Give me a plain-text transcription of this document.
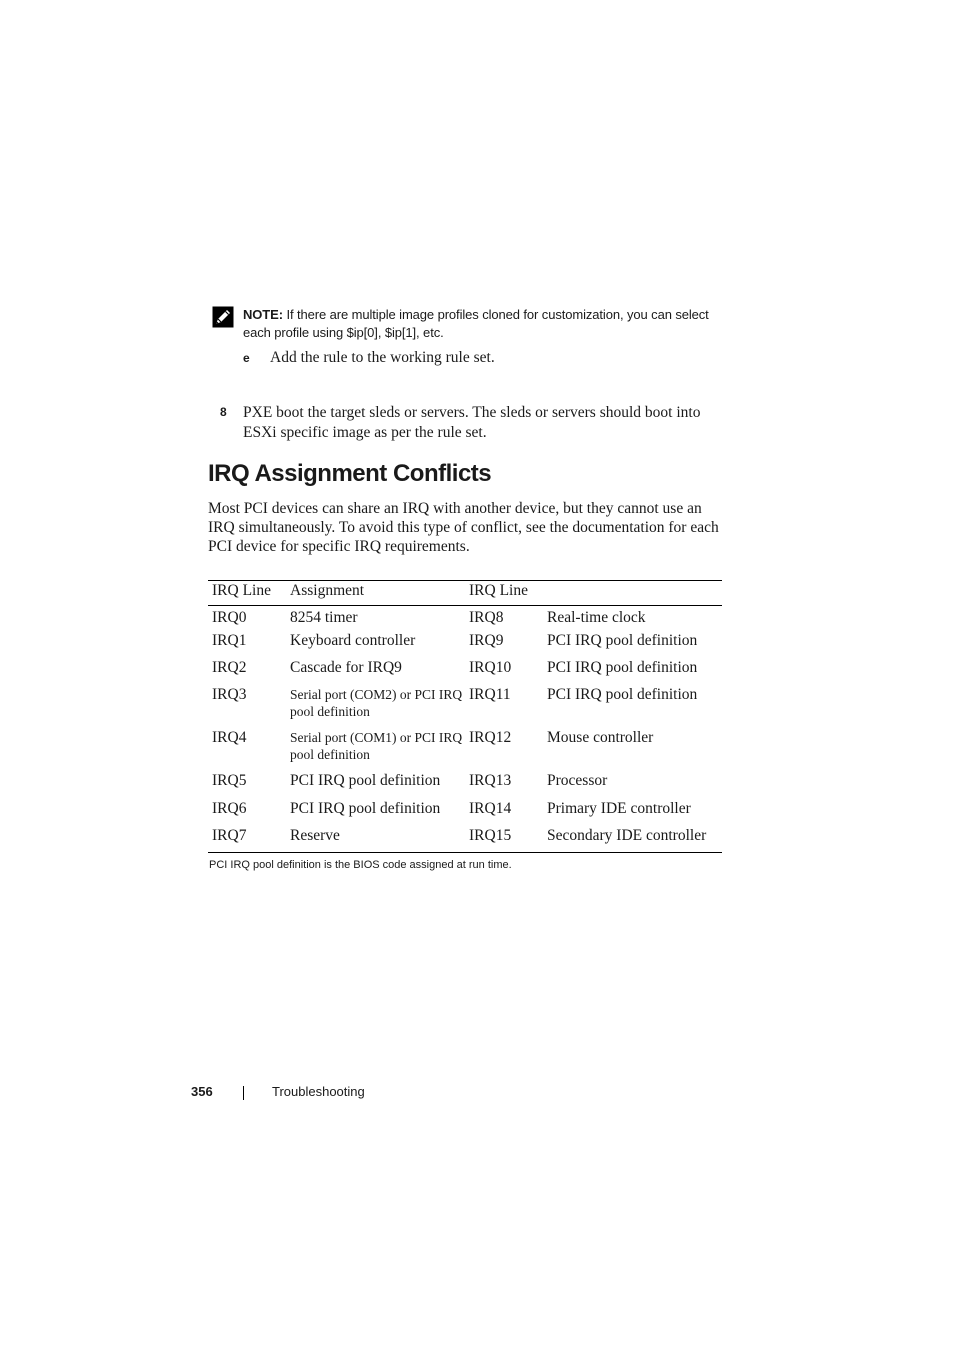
NOTE: If there are multiple image profiles cloned for customization, you can select each profile using $ip[0], $ip[1], etc.
e Add the rule to the working rule set.
8 PXE boot the target sleds or servers. The sleds or servers should boot into ESXi specific image as per the rule set.
IRQ Assignment Conflicts
Most PCI devices can share an IRQ with another device, but they cannot use an IRQ simultaneously. To avoid this type of conflict, see the documentation for each PCI device for specific IRQ requirements.
IRQ Line	Assignment	IRQ Line	
IRQ0	8254 timer	IRQ8	Real-time clock
IRQ1	Keyboard controller	IRQ9	PCI IRQ pool definition
IRQ2	Cascade for IRQ9	IRQ10	PCI IRQ pool definition
IRQ3	Serial port (COM2) or PCI IRQ pool definition	IRQ11	PCI IRQ pool definition
IRQ4	Serial port (COM1) or PCI IRQ pool definition	IRQ12	Mouse controller
IRQ5	PCI IRQ pool definition	IRQ13	Processor
IRQ6	PCI IRQ pool definition	IRQ14	Primary IDE controller
IRQ7	Reserve	IRQ15	Secondary IDE controller
PCI IRQ pool definition is the BIOS code assigned at run time.
356	Troubleshooting
